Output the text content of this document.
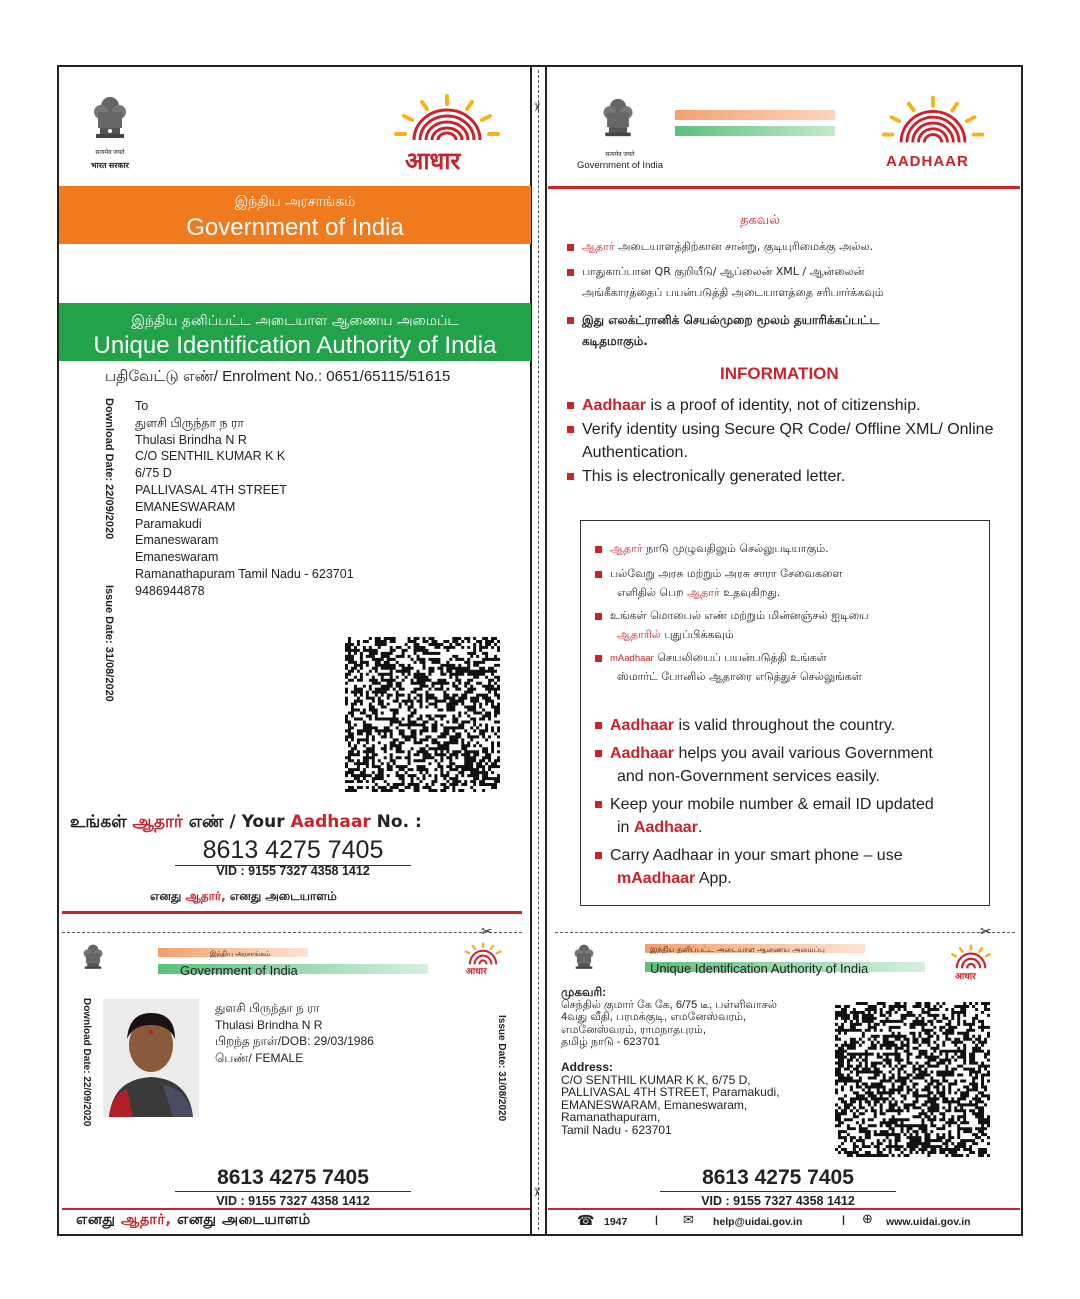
✂	✂
✂
✂
सत्यमेव जयते
भारत सरकार	आधार
இந்திய அரசாங்கம்
Government of India
இந்திய தனிப்பட்ட அடையாள ஆணைய அமைப்ட
Unique Identification Authority of India
பதிவேட்டு எண்/ Enrolment No.: 0651/65115/51615
Download Date: 22/09/2020
Issue Date: 31/08/2020
To
துளசி பிருந்தா ந ரா
Thulasi Brindha N R
C/O SENTHIL KUMAR K K
6/75 D
PALLIVASAL 4TH STREET
EMANESWARAM
Paramakudi
Emaneswaram
Emaneswaram
Ramanathapuram Tamil Nadu - 623701
9486944878
உங்கள் ஆதார் எண் / Your Aadhaar No. :
8613 4275 7405
VID : 9155 7327 4358 1412
எனது ஆதார், எனது அடையாளம்
सत्यमेव जयते
Government of India	AADHAAR
தகவல்
ஆதார் அடையாளத்திற்கான சான்று, குடியுரிமைக்கு அல்ல.
பாதுகாப்பான QR குறியீடு/ ஆப்லைன் XML / ஆன்லைன்
அங்கீகாரத்தைப் பயன்படுத்தி அடையாளத்தை சரிபார்க்கவும்
இது எலக்ட்ரானிக் செயல்முறை மூலம் தயாரிக்கப்பட்ட
கடிதமாகும்.
INFORMATION
Aadhaar is a proof of identity, not of citizenship.
Verify identity using Secure QR Code/ Offline XML/ Online
Authentication.
This is electronically generated letter.
ஆதார் நாடு முழுவதிலும் செல்லுபடியாகும்.
பல்வேறு அரசு மற்றும் அரசு சாரா சேவைகளை
எளிதில் பெற ஆதார் உதவுகிறது.
உங்கள் மொபைல் எண் மற்றும் மின்னஞ்சல் ஐடியை
ஆதாரில் புதுப்பிக்கவும்
mAadhaar செயலியைப் பயன்படுத்தி உங்கள்
ஸ்மார்ட் போனில் ஆதாரை எடுத்துச் செல்லுங்கள்
Aadhaar is valid throughout the country.
Aadhaar helps you avail various Government
and non-Government services easily.
Keep your mobile number & email ID updated
in Aadhaar.
Carry Aadhaar in your smart phone – use
mAadhaar App.
இந்திய அரசாங்கம்
Government of India	आधार
Download Date: 22/09/2020	Issue Date: 31/08/2020
துளசி பிருந்தா ந ரா
Thulasi Brindha N R
பிறந்த நாள்/DOB: 29/03/1986
பெண்/ FEMALE
8613 4275 7405
VID : 9155 7327 4358 1412
எனது ஆதார், எனது அடையாளம்
இந்திய தனிப்பட்ட அடையாள ஆணைய அமைப்பு
Unique Identification Authority of India
आधार
முகவரி:
செந்தில் குமார் கே கே, 6/75 டீ, பள்ளிவாசல்
4வது வீதி, பரமக்குடி, எமனேஸ்வரம்,
எமனேஸ்வரம், ராமநாதபுரம்,
தமிழ் நாடு - 623701
Address:
C/O SENTHIL KUMAR K K, 6/75 D,
PALLIVASAL 4TH STREET, Paramakudi,
EMANESWARAM, Emaneswaram,
Ramanathapuram,
Tamil Nadu - 623701
8613 4275 7405
VID : 9155 7327 4358 1412
☎ 1947	| ✉ help@uidai.gov.in	| ⊕ www.uidai.gov.in
